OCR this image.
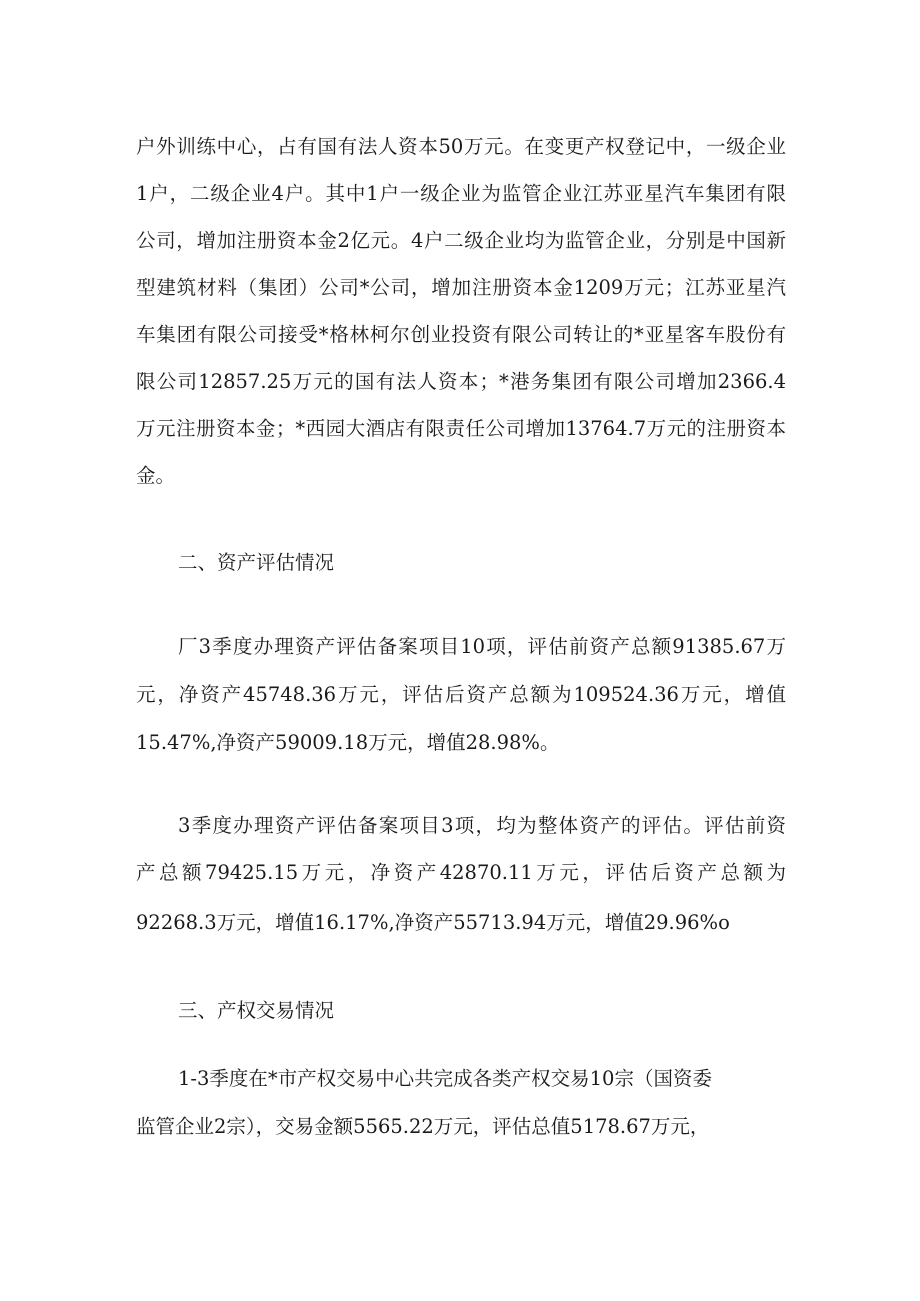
户外训练中心，占有国有法人资本50万元。在变更产权登记中，一级企业
1户，二级企业4户。其中1户一级企业为监管企业江苏亚星汽车集团有限
公司，增加注册资本金2亿元。4户二级企业均为监管企业，分别是中国新
型建筑材料（集团）公司*公司，增加注册资本金1209万元；江苏亚星汽
车集团有限公司接受*格林柯尔创业投资有限公司转让的*亚星客车股份有
限公司12857.25万元的国有法人资本；*港务集团有限公司增加2366.4
万元注册资本金；*西园大酒店有限责任公司增加13764.7万元的注册资本
金。
二、资产评估情况
厂3季度办理资产评估备案项目10项，评估前资产总额91385.67万
元，净资产45748.36万元，评估后资产总额为109524.36万元，增值
15.47%,净资产59009.18万元，增值28.98%。
3季度办理资产评估备案项目3项，均为整体资产的评估。评估前资
产总额79425.15万元，净资产42870.11万元，评估后资产总额为
92268.3万元，增值16.17%,净资产55713.94万元，增值29.96%o
三、产权交易情况
1-3季度在*市产权交易中心共完成各类产权交易10宗（国资委
监管企业2宗），交易金额5565.22万元，评估总值5178.67万元，
